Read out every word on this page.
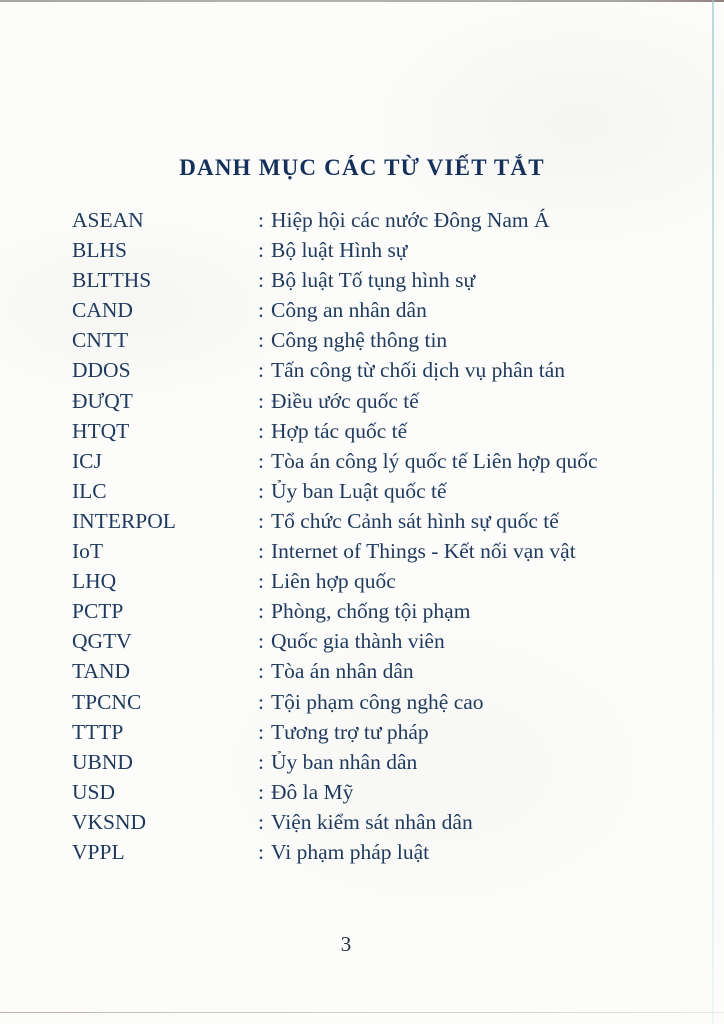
DANH MỤC CÁC TỪ VIẾT TẮT
ASEAN	: Hiệp hội các nước Đông Nam Á
BLHS	: Bộ luật Hình sự
BLTTHS	: Bộ luật Tố tụng hình sự
CAND	: Công an nhân dân
CNTT	: Công nghệ thông tin
DDOS	: Tấn công từ chối dịch vụ phân tán
ĐƯQT	: Điều ước quốc tế
HTQT	: Hợp tác quốc tế
ICJ	: Tòa án công lý quốc tế Liên hợp quốc
ILC	: Ủy ban Luật quốc tế
INTERPOL	: Tổ chức Cảnh sát hình sự quốc tế
IoT	: Internet of Things - Kết nối vạn vật
LHQ	: Liên hợp quốc
PCTP	: Phòng, chống tội phạm
QGTV	: Quốc gia thành viên
TAND	: Tòa án nhân dân
TPCNC	: Tội phạm công nghệ cao
TTTP	: Tương trợ tư pháp
UBND	: Ủy ban nhân dân
USD	: Đô la Mỹ
VKSND	: Viện kiểm sát nhân dân
VPPL	: Vi phạm pháp luật
3
